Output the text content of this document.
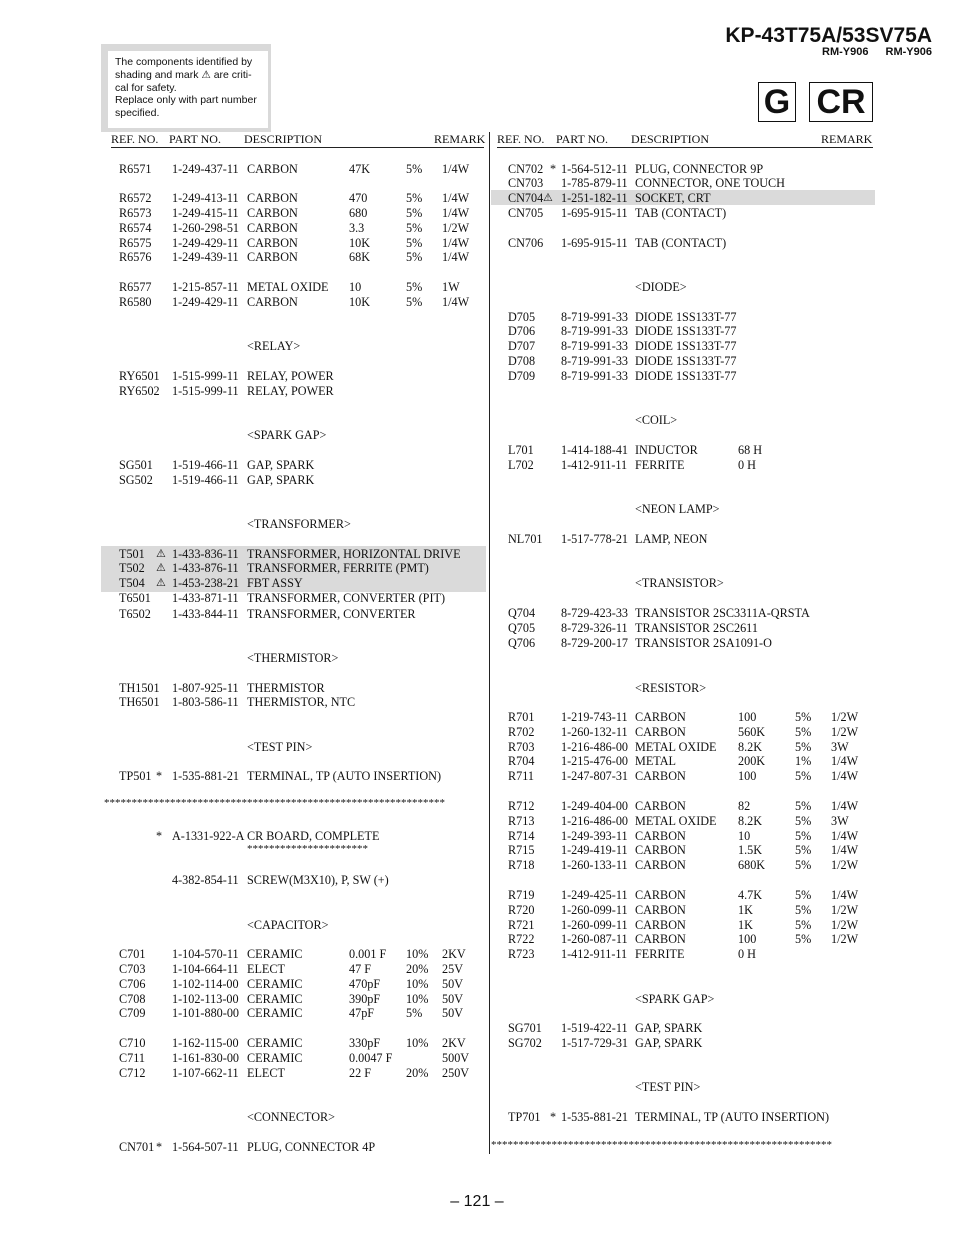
The components identified by
shading and mark ⚠ are criti-
cal for safety.
Replace only with part number
specified.
KP-43T75A/53SV75A
RM-Y906 RM-Y906
G CR
REF. NO. PART NO. DESCRIPTION	REMARK REF. NO. PART NO. DESCRIPTION	REMARK
R6571 1-249-437-11 CARBON	47K	5% 1/4W
R6572 1-249-413-11 CARBON	470	5% 1/4W
R6573 1-249-415-11 CARBON	680	5% 1/4W
R6574 1-260-298-51 CARBON	3.3	5% 1/2W
R6575 1-249-429-11 CARBON	10K	5% 1/4W
R6576 1-249-439-11 CARBON	68K	5% 1/4W
R6577 1-215-857-11 METAL OXIDE 10	5% 1W
R6580 1-249-429-11 CARBON	10K	5% 1/4W
RY6501 1-515-999-11 RELAY, POWER
RY6502 1-515-999-11 RELAY, POWER
SG501 1-519-466-11 GAP, SPARK
SG502 1-519-466-11 GAP, SPARK
T501 ⚠ 1-433-836-11 TRANSFORMER, HORIZONTAL DRIVE
T502 ⚠ 1-433-876-11 TRANSFORMER, FERRITE (PMT)
T504 ⚠ 1-453-238-21 FBT ASSY
T6501 1-433-871-11 TRANSFORMER, CONVERTER (PIT)
T6502 1-433-844-11 TRANSFORMER, CONVERTER
TH1501 1-807-925-11 THERMISTOR
TH6501 1-803-586-11 THERMISTOR, NTC
TP501 * 1-535-881-21 TERMINAL, TP (AUTO INSERTION)
* A-1331-922-A CR BOARD, COMPLETE
4-382-854-11 SCREW(M3X10), P, SW (+)
C701 1-104-570-11 CERAMIC	0.001 F 10% 2KV
C703 1-104-664-11 ELECT	47 F	20% 25V
C706 1-102-114-00 CERAMIC	470pF 10% 50V
C708 1-102-113-00 CERAMIC	390pF 10% 50V
C709 1-101-880-00 CERAMIC	47pF	5% 50V
C710 1-162-115-00 CERAMIC	330pF 10% 2KV
C711 1-161-830-00 CERAMIC	0.0047 F	500V
C712 1-107-662-11 ELECT	22 F	20% 250V
CN701 * 1-564-507-11 PLUG, CONNECTOR 4P
<RELAY>
<SPARK GAP>
<TRANSFORMER>
<THERMISTOR>
<TEST PIN>
<CAPACITOR>
<CONNECTOR>
**************************************************************
**********************
CN702 * 1-564-512-11 PLUG, CONNECTOR 9P
CN703 1-785-879-11 CONNECTOR, ONE TOUCH
CN704 ⚠ 1-251-182-11 SOCKET, CRT
CN705 1-695-915-11 TAB (CONTACT)
CN706 1-695-915-11 TAB (CONTACT)
D705 8-719-991-33 DIODE 1SS133T-77
D706 8-719-991-33 DIODE 1SS133T-77
D707 8-719-991-33 DIODE 1SS133T-77
D708 8-719-991-33 DIODE 1SS133T-77
D709 8-719-991-33 DIODE 1SS133T-77
L701 1-414-188-41 INDUCTOR	68 H
L702 1-412-911-11 FERRITE	0 H
NL701 1-517-778-21 LAMP, NEON
Q704 8-729-423-33 TRANSISTOR 2SC3311A-QRSTA
Q705 8-729-326-11 TRANSISTOR 2SC2611
Q706 8-729-200-17 TRANSISTOR 2SA1091-O
R701 1-219-743-11 CARBON	100	5% 1/2W
R702 1-260-132-11 CARBON	560K 5% 1/2W
R703 1-216-486-00 METAL OXIDE 8.2K	5% 3W
R704 1-215-476-00 METAL	200K 1% 1/4W
R711 1-247-807-31 CARBON	100	5% 1/4W
R712 1-249-404-00 CARBON	82	5% 1/4W
R713 1-216-486-00 METAL OXIDE 8.2K	5% 3W
R714 1-249-393-11 CARBON	10	5% 1/4W
R715 1-249-419-11 CARBON	1.5K	5% 1/4W
R718 1-260-133-11 CARBON	680K 5% 1/2W
R719 1-249-425-11 CARBON	4.7K	5% 1/4W
R720 1-260-099-11 CARBON	1K	5% 1/2W
R721 1-260-099-11 CARBON	1K	5% 1/2W
R722 1-260-087-11 CARBON	100	5% 1/2W
R723 1-412-911-11 FERRITE	0 H
SG701 1-519-422-11 GAP, SPARK
SG702 1-517-729-31 GAP, SPARK
TP701 * 1-535-881-21 TERMINAL, TP (AUTO INSERTION)
<DIODE>
<COIL>
<NEON LAMP>
<TRANSISTOR>
<RESISTOR>
<SPARK GAP>
<TEST PIN>
**************************************************************
– 121 –
